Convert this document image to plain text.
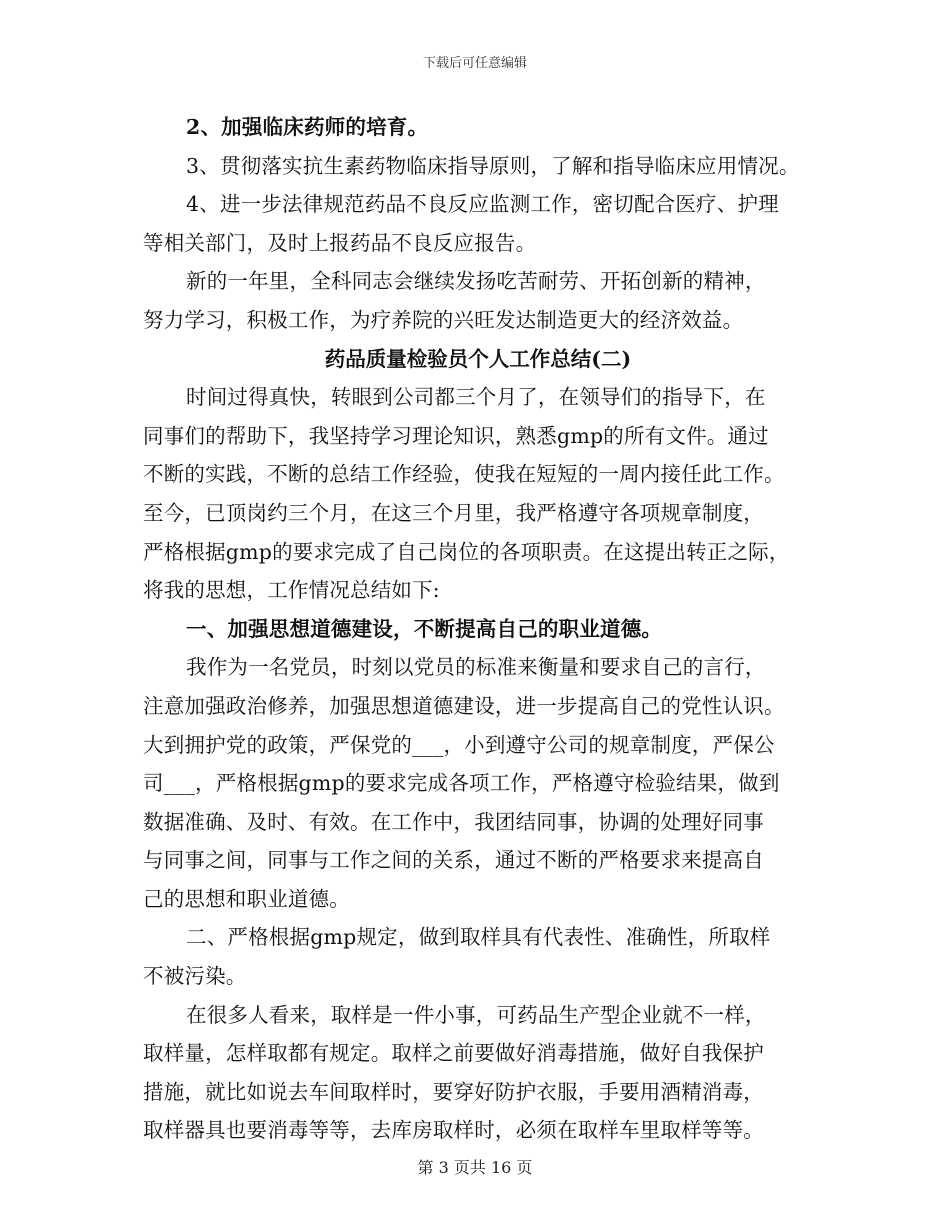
下载后可任意编辑

2、加强临床药师的培育。

3、贯彻落实抗生素药物临床指导原则，了解和指导临床应用情况。

4、进一步法律规范药品不良反应监测工作，密切配合医疗、护理

等相关部门，及时上报药品不良反应报告。

新的一年里，全科同志会继续发扬吃苦耐劳、开拓创新的精神，

努力学习，积极工作，为疗养院的兴旺发达制造更大的经济效益。

药品质量检验员个人工作总结(二)

时间过得真快，转眼到公司都三个月了，在领导们的指导下，在

同事们的帮助下，我坚持学习理论知识，熟悉gmp的所有文件。通过

不断的实践，不断的总结工作经验，使我在短短的一周内接任此工作。

至今，已顶岗约三个月，在这三个月里，我严格遵守各项规章制度，

严格根据gmp的要求完成了自己岗位的各项职责。在这提出转正之际，

将我的思想，工作情况总结如下:

一、加强思想道德建设，不断提高自己的职业道德。

我作为一名党员，时刻以党员的标准来衡量和要求自己的言行，

注意加强政治修养，加强思想道德建设，进一步提高自己的党性认识。

大到拥护党的政策，严保党的___，小到遵守公司的规章制度，严保公

司___，严格根据gmp的要求完成各项工作，严格遵守检验结果，做到

数据准确、及时、有效。在工作中，我团结同事，协调的处理好同事

与同事之间，同事与工作之间的关系，通过不断的严格要求来提高自

己的思想和职业道德。

二、严格根据gmp规定，做到取样具有代表性、准确性，所取样

不被污染。

在很多人看来，取样是一件小事，可药品生产型企业就不一样，

取样量，怎样取都有规定。取样之前要做好消毒措施，做好自我保护

措施，就比如说去车间取样时，要穿好防护衣服，手要用酒精消毒，

取样器具也要消毒等等，去库房取样时，必须在取样车里取样等等。

第 3 页共 16 页
